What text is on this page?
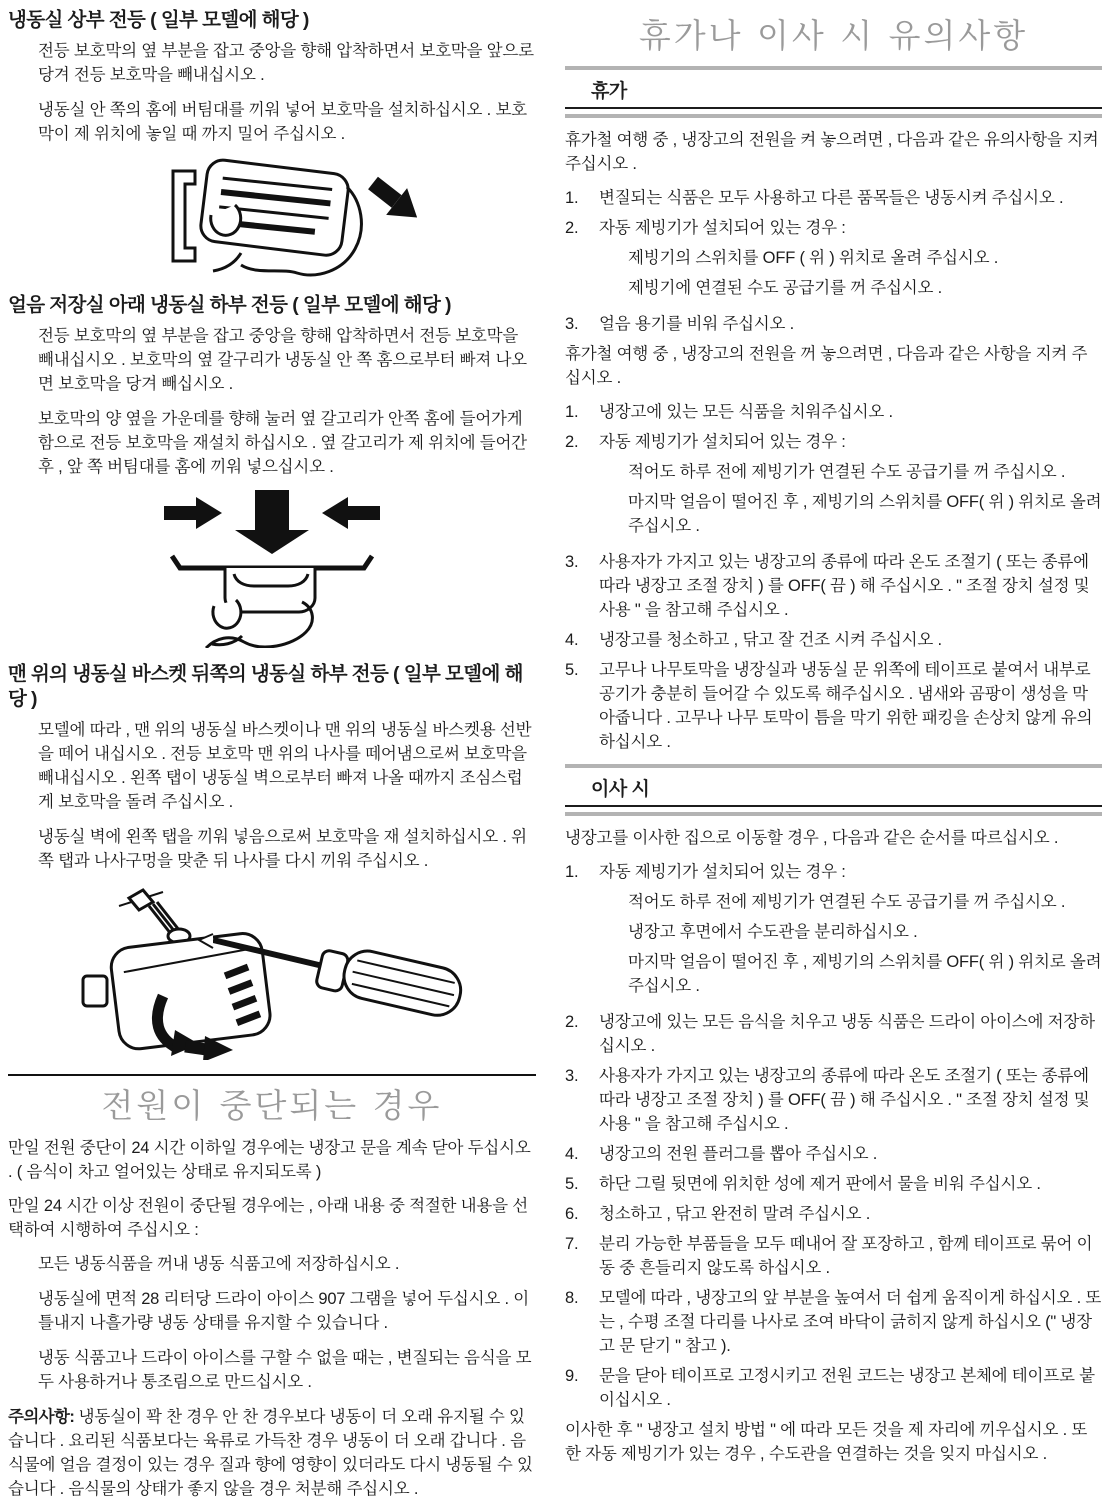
냉동실 상부 전등 ( 일부 모델에 해당 )

전등 보호막의 옆 부분을 잡고 중앙을 향해 압착하면서 보호막을 앞으로 당겨 전등 보호막을 빼내십시오 .

냉동실 안 쪽의 홈에 버팀대를 끼워 넣어 보호막을 설치하십시오 . 보호막이 제 위치에 놓일 때 까지 밀어 주십시오 .

얼음 저장실 아래 냉동실 하부 전등 ( 일부 모델에 해당 )

전등 보호막의 옆 부분을 잡고 중앙을 향해 압착하면서 전등 보호막을 빼내십시오 . 보호막의 옆 갈구리가 냉동실 안 쪽 홈으로부터 빠져 나오면 보호막을 당겨 빼십시오 .

보호막의 양 옆을 가운데를 향해 눌러 옆 갈고리가 안쪽 홈에 들어가게 함으로 전등 보호막을 재설치 하십시오 . 옆 갈고리가 제 위치에 들어간 후 , 앞 쪽 버팀대를 홈에 끼워 넣으십시오 .

맨 위의 냉동실 바스켓 뒤쪽의 냉동실 하부 전등 ( 일부 모델에 해당 )

모델에 따라 , 맨 위의 냉동실 바스켓이나 맨 위의 냉동실 바스켓용 선반을 떼어 내십시오 . 전등 보호막 맨 위의 나사를 떼어냄으로써 보호막을 빼내십시오 . 왼쪽 탭이 냉동실 벽으로부터 빠져 나올 때까지 조심스럽게 보호막을 돌려 주십시오 .

냉동실 벽에 왼쪽 탭을 끼워 넣음으로써 보호막을 재 설치하십시오 . 위쪽 탭과 나사구멍을 맞춘 뒤 나사를 다시 끼워 주십시오 .

전원이 중단되는 경우

만일 전원 중단이 24 시간 이하일 경우에는 냉장고 문을 계속 닫아 두십시오 . ( 음식이 차고 얼어있는 상태로 유지되도록 )

만일 24 시간 이상 전원이 중단될 경우에는 , 아래 내용 중 적절한 내용을 선택하여 시행하여 주십시오 :

모든 냉동식품을 꺼내 냉동 식품고에 저장하십시오 .

냉동실에 면적 28 리터당 드라이 아이스 907 그램을 넣어 두십시오 . 이틀내지 나흘가량 냉동 상태를 유지할 수 있습니다 .

냉동 식품고나 드라이 아이스를 구할 수 없을 때는 , 변질되는 음식을 모두 사용하거나 통조림으로 만드십시오 .

주의사항: 냉동실이 꽉 찬 경우 안 찬 경우보다 냉동이 더 오래 유지될 수 있습니다 . 요리된 식품보다는 육류로 가득찬 경우 냉동이 더 오래 갑니다 . 음식물에 얼음 결정이 있는 경우 질과 향에 영향이 있더라도 다시 냉동될 수 있습니다 . 음식물의 상태가 좋지 않을 경우 처분해 주십시오 .

휴가나 이사 시 유의사항
휴가

휴가철 여행 중 , 냉장고의 전원을 켜 놓으려면 , 다음과 같은 유의사항을 지켜 주십시오 .

1.	변질되는 식품은 모두 사용하고 다른 품목들은 냉동시켜 주십시오 .
2.	자동 제빙기가 설치되어 있는 경우 :
제빙기의 스위치를 OFF ( 위 ) 위치로 올려 주십시오 .
제빙기에 연결된 수도 공급기를 꺼 주십시오 .
3.	얼음 용기를 비워 주십시오 .

휴가철 여행 중 , 냉장고의 전원을 꺼 놓으려면 , 다음과 같은 사항을 지켜 주십시오 .

1.	냉장고에 있는 모든 식품을 치워주십시오 .
2.	자동 제빙기가 설치되어 있는 경우 :
적어도 하루 전에 제빙기가 연결된 수도 공급기를 꺼 주십시오 .
마지막 얼음이 떨어진 후 , 제빙기의 스위치를 OFF( 위 ) 위치로 올려 주십시오 .
3.	사용자가 가지고 있는 냉장고의 종류에 따라 온도 조절기 ( 또는 종류에 따라 냉장고 조절 장치 ) 를 OFF( 끔 ) 해 주십시오 . " 조절 장치 설정 및 사용 " 을 참고해 주십시오 .
4.	냉장고를 청소하고 , 닦고 잘 건조 시켜 주십시오 .
5.	고무나 나무토막을 냉장실과 냉동실 문 위쪽에 테이프로 붙여서 내부로 공기가 충분히 들어갈 수 있도록 해주십시오 . 냄새와 곰팡이 생성을 막아줍니다 . 고무나 나무 토막이 틈을 막기 위한 패킹을 손상치 않게 유의하십시오 .
이사 시

냉장고를 이사한 집으로 이동할 경우 , 다음과 같은 순서를 따르십시오 .

1.	자동 제빙기가 설치되어 있는 경우 :
적어도 하루 전에 제빙기가 연결된 수도 공급기를 꺼 주십시오 .
냉장고 후면에서 수도관을 분리하십시오 .
마지막 얼음이 떨어진 후 , 제빙기의 스위치를 OFF( 위 ) 위치로 올려 주십시오 .
2.	냉장고에 있는 모든 음식을 치우고 냉동 식품은 드라이 아이스에 저장하십시오 .
3.	사용자가 가지고 있는 냉장고의 종류에 따라 온도 조절기 ( 또는 종류에 따라 냉장고 조절 장치 ) 를 OFF( 끔 ) 해 주십시오 . " 조절 장치 설정 및 사용 " 을 참고해 주십시오 .
4.	냉장고의 전원 플러그를 뽑아 주십시오 .
5.	하단 그릴 뒷면에 위치한 성에 제거 판에서 물을 비워 주십시오 .
6.	청소하고 , 닦고 완전히 말려 주십시오 .
7.	분리 가능한 부품들을 모두 떼내어 잘 포장하고 , 함께 테이프로 묶어 이동 중 흔들리지 않도록 하십시오 .
8.	모델에 따라 , 냉장고의 앞 부분을 높여서 더 쉽게 움직이게 하십시오 . 또는 , 수평 조절 다리를 나사로 조여 바닥이 긁히지 않게 하십시오 (" 냉장고 문 닫기 " 참고 ).
9.	문을 닫아 테이프로 고정시키고 전원 코드는 냉장고 본체에 테이프로 붙이십시오 .

이사한 후 " 냉장고 설치 방법 " 에 따라 모든 것을 제 자리에 끼우십시오 . 또한 자동 제빙기가 있는 경우 , 수도관을 연결하는 것을 잊지 마십시오 .
